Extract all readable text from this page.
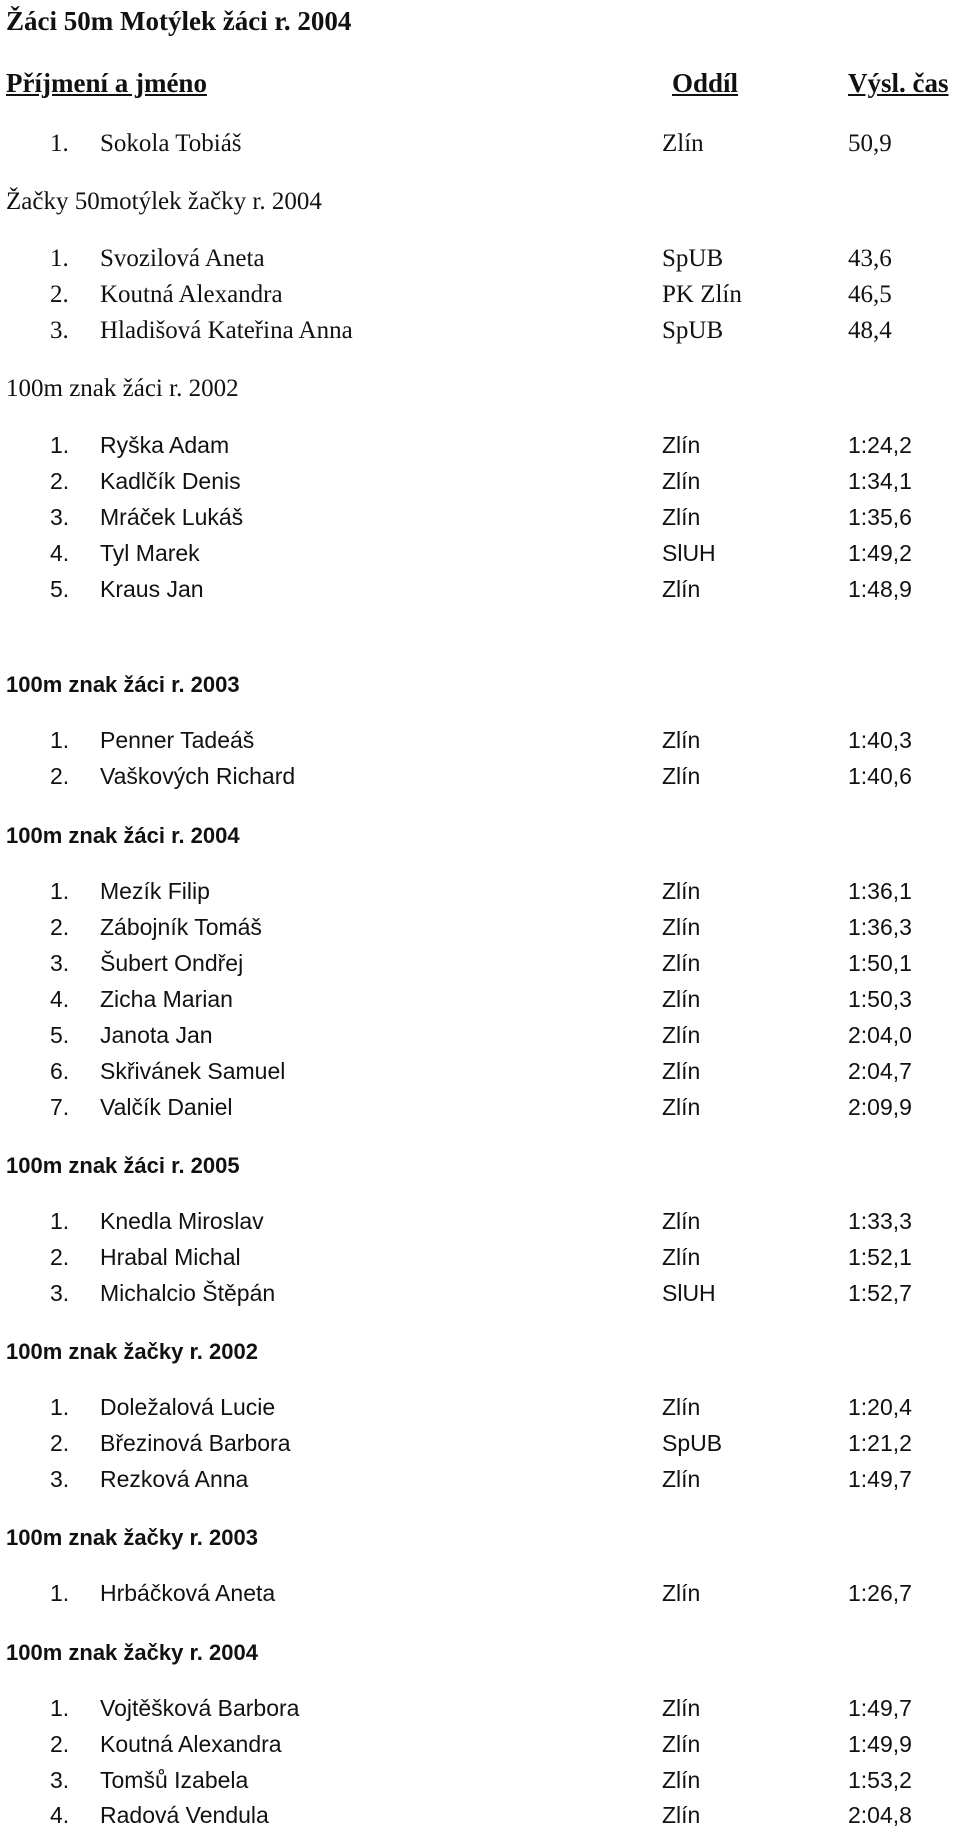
Žáci 50m Motýlek žáci r. 2004
Příjmení a jméno	Oddíl	Výsl. čas
1. Sokola Tobiáš	Zlín	50,9
Žačky 50motýlek žačky r. 2004
1. Svozilová Aneta	SpUB	43,6
2. Koutná Alexandra	PK Zlín	46,5
3. Hladišová Kateřina Anna	SpUB	48,4
100m znak žáci r. 2002
1. Ryška Adam	Zlín	1:24,2
2. Kadlčík Denis	Zlín	1:34,1
3. Mráček Lukáš	Zlín	1:35,6
4. Tyl Marek	SlUH	1:49,2
5. Kraus Jan	Zlín	1:48,9
100m znak žáci r. 2003
1. Penner Tadeáš	Zlín	1:40,3
2. Vaškových Richard	Zlín	1:40,6
100m znak žáci r. 2004
1. Mezík Filip	Zlín	1:36,1
2. Zábojník Tomáš	Zlín	1:36,3
3. Šubert Ondřej	Zlín	1:50,1
4. Zicha Marian	Zlín	1:50,3
5. Janota Jan	Zlín	2:04,0
6. Skřivánek Samuel	Zlín	2:04,7
7. Valčík Daniel	Zlín	2:09,9
100m znak žáci r. 2005
1. Knedla Miroslav	Zlín	1:33,3
2. Hrabal Michal	Zlín	1:52,1
3. Michalcio Štěpán	SlUH	1:52,7
100m znak žačky r. 2002
1. Doležalová Lucie	Zlín	1:20,4
2. Březinová Barbora	SpUB	1:21,2
3. Rezková Anna	Zlín	1:49,7
100m znak žačky r. 2003
1. Hrbáčková Aneta	Zlín	1:26,7
100m znak žačky r. 2004
1. Vojtěšková Barbora	Zlín	1:49,7
2. Koutná Alexandra	Zlín	1:49,9
3. Tomšů Izabela	Zlín	1:53,2
4. Radová Vendula	Zlín	2:04,8
